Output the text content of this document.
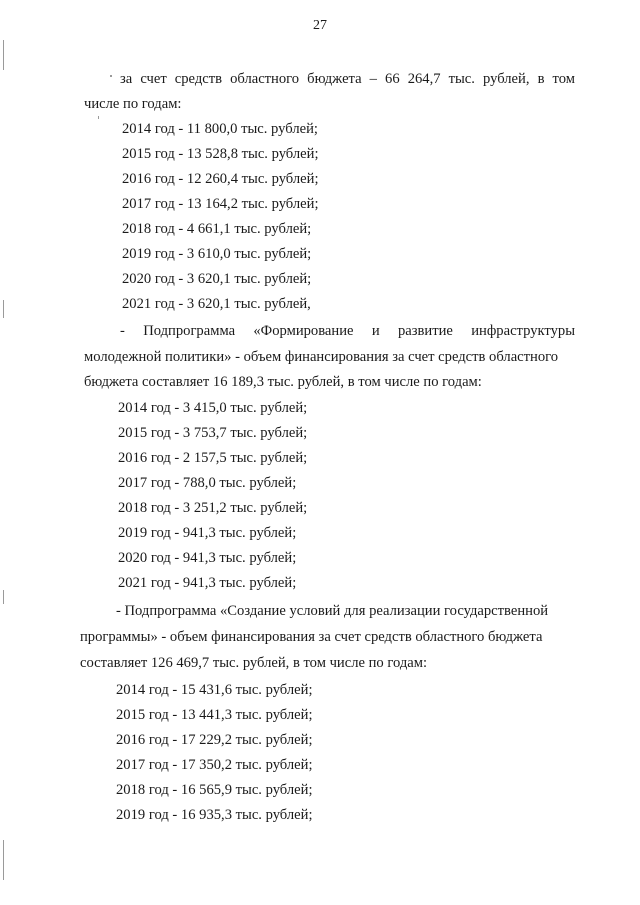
27
за счет средств областного бюджета – 66 264,7 тыс. рублей, в том
числе по годам:
2014 год - 11 800,0 тыс. рублей;
2015 год - 13 528,8 тыс. рублей;
2016 год - 12 260,4 тыс. рублей;
2017 год - 13 164,2 тыс. рублей;
2018 год - 4 661,1 тыс. рублей;
2019 год - 3 610,0 тыс. рублей;
2020 год - 3 620,1 тыс. рублей;
2021 год - 3 620,1 тыс. рублей,
- Подпрограмма «Формирование и развитие инфраструктуры
молодежной политики» - объем финансирования за счет средств областного
бюджета составляет 16 189,3 тыс. рублей, в том числе по годам:
2014 год - 3 415,0 тыс. рублей;
2015 год - 3 753,7 тыс. рублей;
2016 год - 2 157,5 тыс. рублей;
2017 год - 788,0 тыс. рублей;
2018 год - 3 251,2 тыс. рублей;
2019 год - 941,3 тыс. рублей;
2020 год - 941,3 тыс. рублей;
2021 год - 941,3 тыс. рублей;
- Подпрограмма «Создание условий для реализации государственной
программы» - объем финансирования за счет средств областного бюджета
составляет 126 469,7 тыс. рублей, в том числе по годам:
2014 год - 15 431,6 тыс. рублей;
2015 год - 13 441,3 тыс. рублей;
2016 год - 17 229,2 тыс. рублей;
2017 год - 17 350,2 тыс. рублей;
2018 год - 16 565,9 тыс. рублей;
2019 год - 16 935,3 тыс. рублей;
